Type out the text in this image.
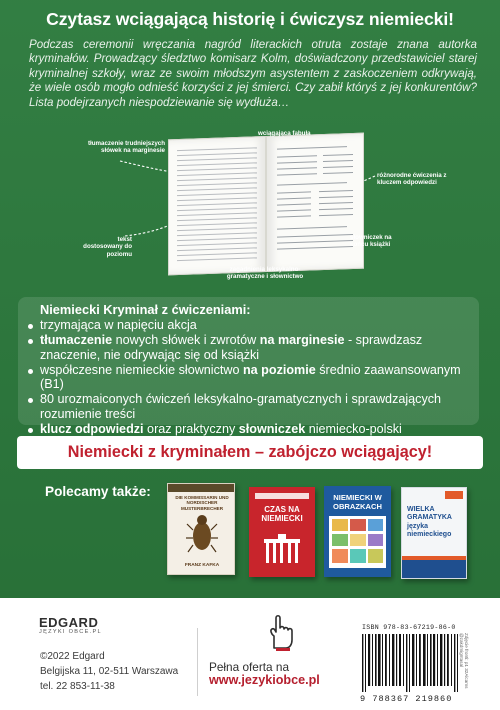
Czytasz wciągającą historię i ćwiczysz niemiecki!
Podczas ceremonii wręczania nagród literackich otruta zostaje znana autorka kryminałów. Prowadzący śledztwo komisarz Kolm, doświadczony przedstawiciel starej kryminalnej szkoły, wraz ze swoim młodszym asystentem z zaskoczeniem odkrywają, że wiele osób mogło odnieść korzyści z jej śmierci. Czy zabił któryś z jej konkurentów? Lista podejrzanych niespodziewanie się wydłuża…
tłumaczenie trudniejszych słówek na marginesie
wciągająca fabuła
różnorodne ćwiczenia z kluczem odpowiedzi
tekst dostosowany do poziomu
słowniczek na końcu książki
zagadnienia leksykalno-gramatyczne i słownictwo
Niemiecki Kryminał z ćwiczeniami:
trzymająca w napięciu akcja
tłumaczenie nowych słówek i zwrotów na marginesie - sprawdzasz znaczenie, nie odrywając się od książki
współczesne niemieckie słownictwo na poziomie średnio zaawansowanym (B1)
80 urozmaiconych ćwiczeń leksykalno-gramatycznych i sprawdzających rozumienie treści
klucz odpowiedzi oraz praktyczny słowniczek niemiecko-polski
Niemiecki z kryminałem – zabójczo wciągający!
Polecamy także:	DIE KOMMISSARIN UND NORDISCHER MUSTERBRECHER
FRANZ KAFKA
CZAS NA NIEMIECKI
NIEMIECKI W OBRAZKACH	WIELKA GRAMATYKA języka niemieckiego
EDGARD
JĘZYKI OBCE.PL
©2022 Edgard
Belgijska 11, 02-511 Warszawa
tel. 22 853-11-38
Pełna oferta na
www.jezykiobce.pl
ISBN 978-83-67219-86-0
9 788367 219860
Zdjęcie fronti: p1 32Alcams @zakdmigntasal
